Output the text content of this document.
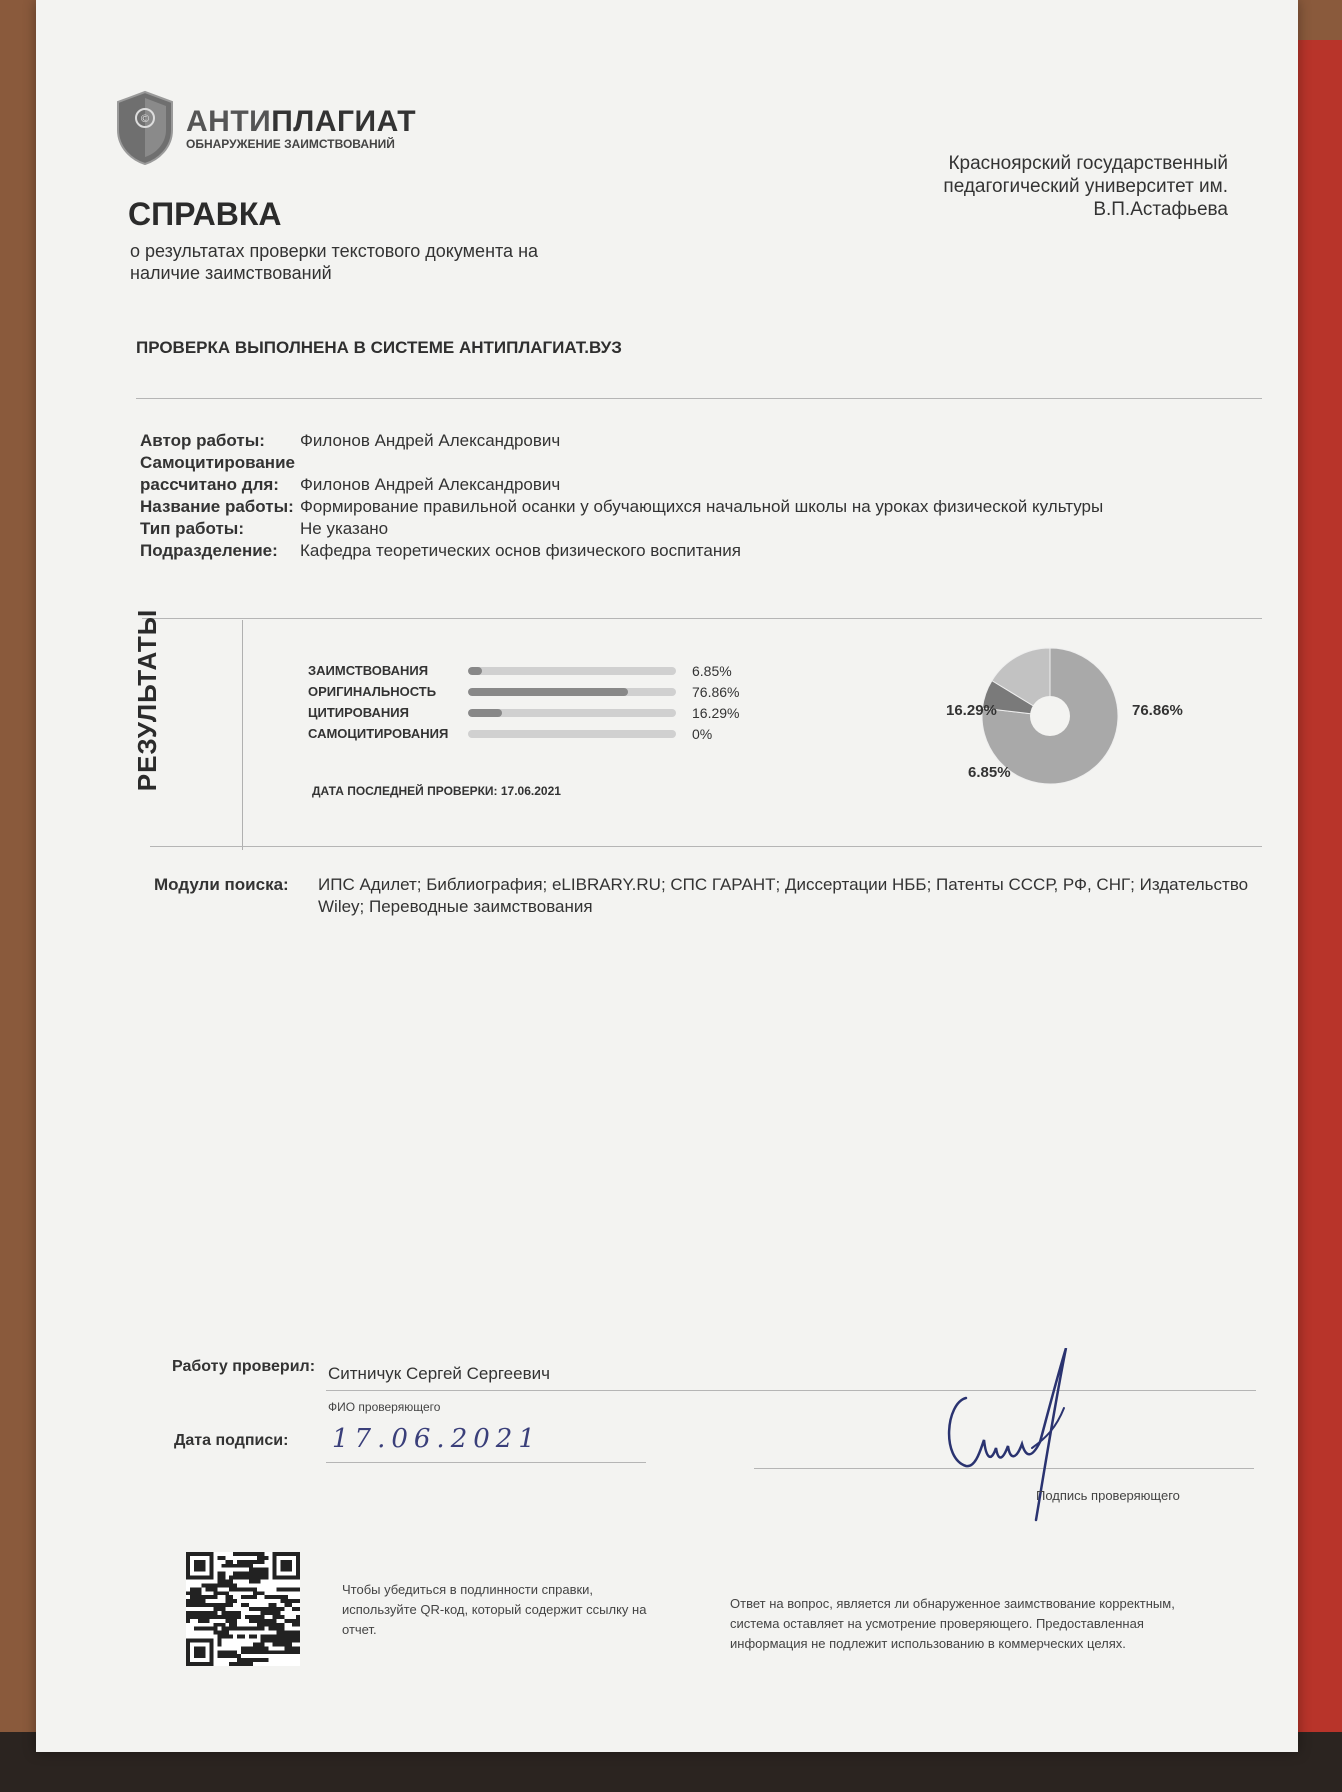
© АНТИПЛАГИАТ
ОБНАРУЖЕНИЕ ЗАИМСТВОВАНИЙ
Красноярский государственный педагогический университет им. В.П.Астафьева
СПРАВКА
о результатах проверки текстового документа на наличие заимствований
ПРОВЕРКА ВЫПОЛНЕНА В СИСТЕМЕ АНТИПЛАГИАТ.ВУЗ
Автор работы:	Филонов Андрей Александрович
Самоцитирование
рассчитано для:	Филонов Андрей Александрович
Название работы: Формирование правильной осанки у обучающихся начальной школы на уроках физической культуры
Тип работы:	Не указано
Подразделение:	Кафедра теоретических основ физического воспитания
РЕЗУЛЬТАТЫ	ЗАИМСТВОВАНИЯ	6.85%
ОРИГИНАЛЬНОСТЬ	76.86%
ЦИТИРОВАНИЯ	16.29%
САМОЦИТИРОВАНИЯ	0%
ДАТА ПОСЛЕДНЕЙ ПРОВЕРКИ: 17.06.2021
16.29%	76.86%
6.85%
Модули поиска:	ИПС Адилет; Библиография; eLIBRARY.RU; СПС ГАРАНТ; Диссертации НББ; Патенты СССР, РФ, СНГ; Издательство Wiley; Переводные заимствования
Работу проверил: Ситничук Сергей Сергеевич
ФИО проверяющего
Дата подписи: 17.06.2021
Подпись проверяющего
Чтобы убедиться в подлинности справки, используйте QR-код, который содержит ссылку на отчет.
Ответ на вопрос, является ли обнаруженное заимствование корректным, система оставляет на усмотрение проверяющего. Предоставленная информация не подлежит использованию в коммерческих целях.
